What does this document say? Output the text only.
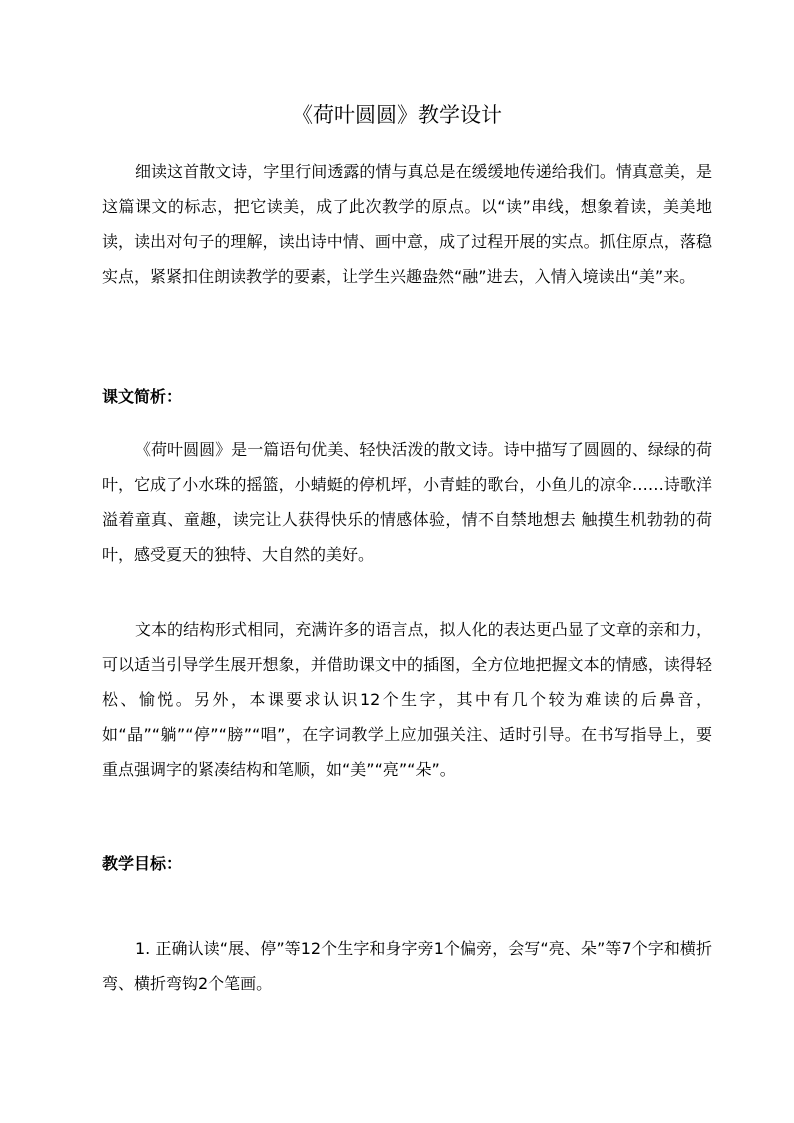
《荷叶圆圆》教学设计

细读这首散文诗，字里行间透露的情与真总是在缓缓地传递给我们。情真意美，是这篇课文的标志，把它读美，成了此次教学的原点。以“读”串线，想象着读，美美地读，读出对句子的理解，读出诗中情、画中意，成了过程开展的实点。抓住原点，落稳实点，紧紧扣住朗读教学的要素，让学生兴趣盎然“融”进去，入情入境读出“美”来。

课文简析：

《荷叶圆圆》是一篇语句优美、轻快活泼的散文诗。诗中描写了圆圆的、绿绿的荷叶，它成了小水珠的摇篮，小蜻蜓的停机坪，小青蛙的歌台，小鱼儿的凉伞……诗歌洋溢着童真、童趣，读完让人获得快乐的情感体验，情不自禁地想去 触摸生机勃勃的荷叶，感受夏天的独特、大自然的美好。

文本的结构形式相同，充满许多的语言点，拟人化的表达更凸显了文章的亲和力，可以适当引导学生展开想象，并借助课文中的插图，全方位地把握文本的情感，读得轻松、愉悦。另外，本课要求认识12个生字，其中有几个较为难读的后鼻音，如“晶”“躺”“停”“膀”“唱”，在字词教学上应加强关注、适时引导。在书写指导上，要重点强调字的紧凑结构和笔顺，如“美”“亮”“朵”。

教学目标：

1. 正确认读“展、停”等12个生字和身字旁1个偏旁，会写“亮、朵”等7个字和横折弯、横折弯钩2个笔画。
